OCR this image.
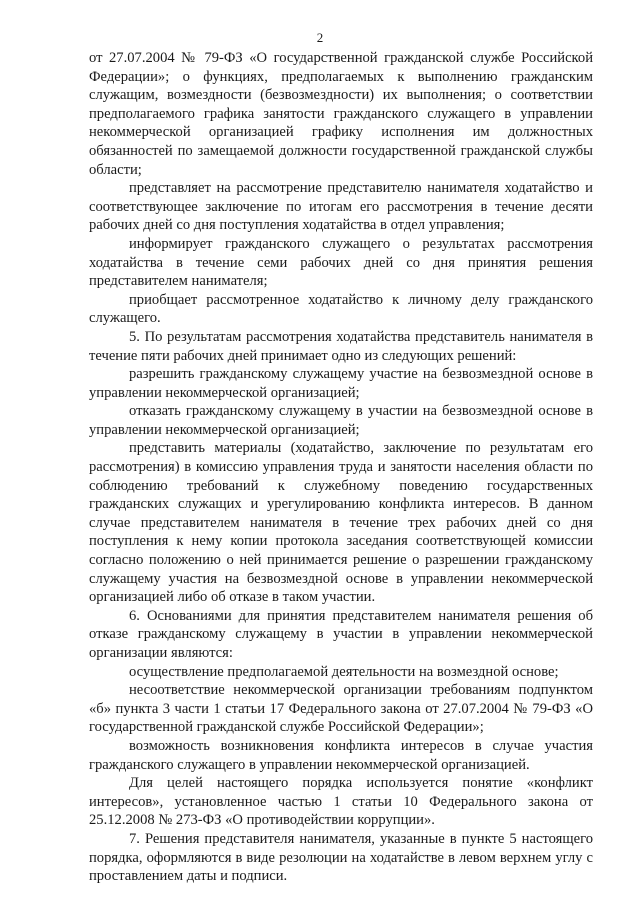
2

от 27.07.2004 № 79-ФЗ «О государственной гражданской службе Российской Федерации»; о функциях, предполагаемых к выполнению гражданским служащим, возмездности (безвозмездности) их выполнения; о соответствии предполагаемого графика занятости гражданского служащего в управлении некоммерческой организацией графику исполнения им должностных обязанностей по замещаемой должности государственной гражданской службы области;

представляет на рассмотрение представителю нанимателя ходатайство и соответствующее заключение по итогам его рассмотрения в течение десяти рабочих дней со дня поступления ходатайства в отдел управления;

информирует гражданского служащего о результатах рассмотрения ходатайства в течение семи рабочих дней со дня принятия решения представителем нанимателя;

приобщает рассмотренное ходатайство к личному делу гражданского служащего.

5. По результатам рассмотрения ходатайства представитель нанимателя в течение пяти рабочих дней принимает одно из следующих решений:

разрешить гражданскому служащему участие на безвозмездной основе в управлении некоммерческой организацией;

отказать гражданскому служащему в участии на безвозмездной основе в управлении некоммерческой организацией;

представить материалы (ходатайство, заключение по результатам его рассмотрения) в комиссию управления труда и занятости населения области по соблюдению требований к служебному поведению государственных гражданских служащих и урегулированию конфликта интересов. В данном случае представителем нанимателя в течение трех рабочих дней со дня поступления к нему копии протокола заседания соответствующей комиссии согласно положению о ней принимается решение о разрешении гражданскому служащему участия на безвозмездной основе в управлении некоммерческой организацией либо об отказе в таком участии.

6. Основаниями для принятия представителем нанимателя решения об отказе гражданскому служащему в участии в управлении некоммерческой организации являются:

осуществление предполагаемой деятельности на возмездной основе;

несоответствие некоммерческой организации требованиям подпунктом «б» пункта 3 части 1 статьи 17 Федерального закона от 27.07.2004 № 79-ФЗ «О государственной гражданской службе Российской Федерации»;

возможность возникновения конфликта интересов в случае участия гражданского служащего в управлении некоммерческой организацией.

Для целей настоящего порядка используется понятие «конфликт интересов», установленное частью 1 статьи 10 Федерального закона от 25.12.2008 № 273-ФЗ «О противодействии коррупции».

7. Решения представителя нанимателя, указанные в пункте 5 настоящего порядка, оформляются в виде резолюции на ходатайстве в левом верхнем углу с проставлением даты и подписи.
